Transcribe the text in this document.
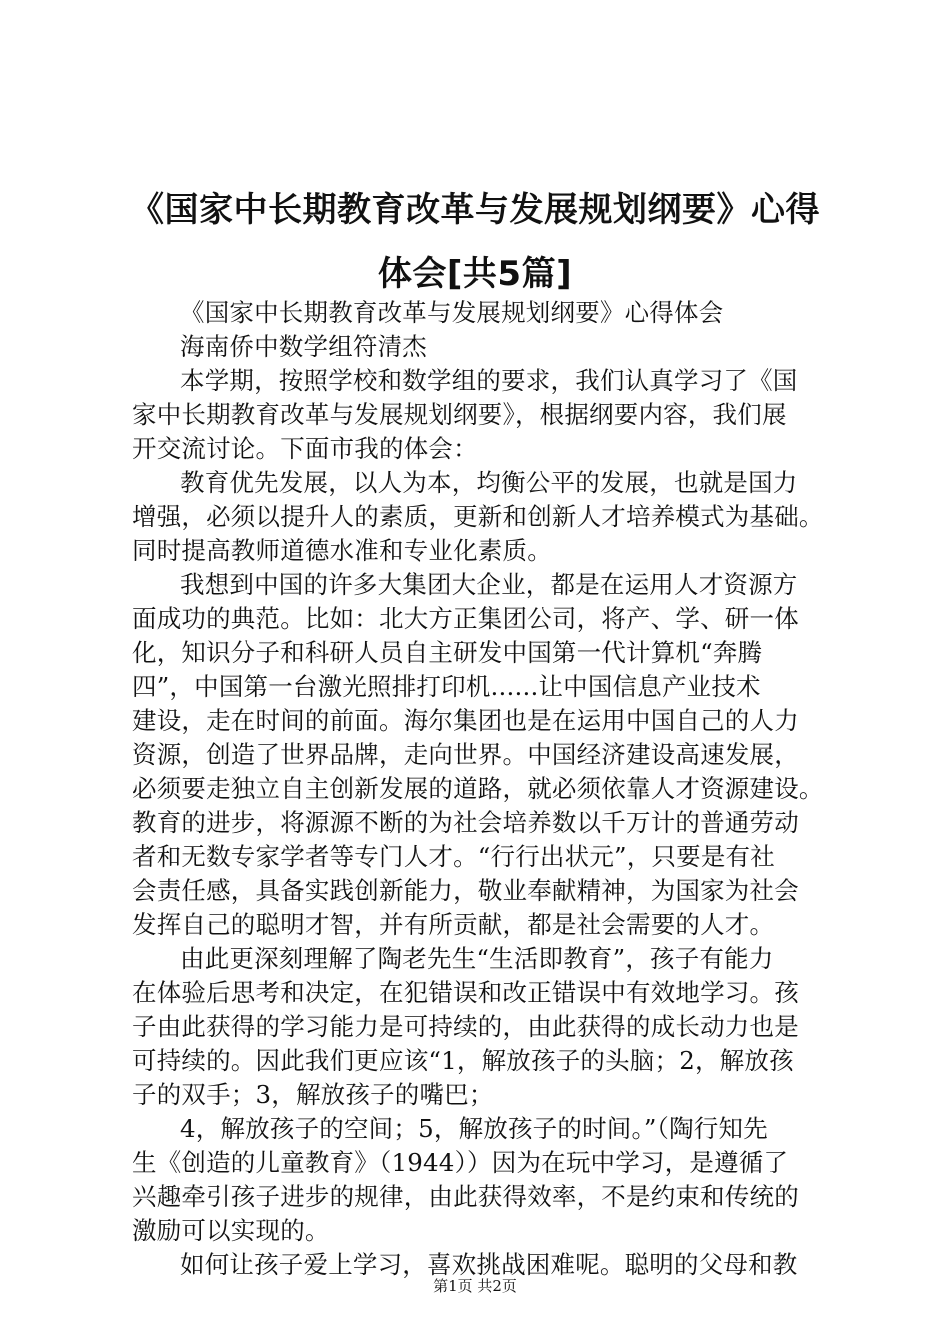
《国家中长期教育改革与发展规划纲要》心得
体会[共5篇]
《国家中长期教育改革与发展规划纲要》心得体会
海南侨中数学组符清杰
本学期，按照学校和数学组的要求，我们认真学习了《国
家中长期教育改革与发展规划纲要》，根据纲要内容，我们展
开交流讨论。下面市我的体会：
教育优先发展，以人为本，均衡公平的发展，也就是国力
增强，必须以提升人的素质，更新和创新人才培养模式为基础。
同时提高教师道德水准和专业化素质。
我想到中国的许多大集团大企业，都是在运用人才资源方
面成功的典范。比如：北大方正集团公司，将产、学、研一体
化，知识分子和科研人员自主研发中国第一代计算机“奔腾
四”，中国第一台激光照排打印机......让中国信息产业技术
建设，走在时间的前面。海尔集团也是在运用中国自己的人力
资源，创造了世界品牌，走向世界。中国经济建设高速发展，
必须要走独立自主创新发展的道路，就必须依靠人才资源建设。
教育的进步，将源源不断的为社会培养数以千万计的普通劳动
者和无数专家学者等专门人才。“行行出状元”，只要是有社
会责任感，具备实践创新能力，敬业奉献精神，为国家为社会
发挥自己的聪明才智，并有所贡献，都是社会需要的人才。
由此更深刻理解了陶老先生“生活即教育”，孩子有能力
在体验后思考和决定，在犯错误和改正错误中有效地学习。孩
子由此获得的学习能力是可持续的，由此获得的成长动力也是
可持续的。因此我们更应该“1，解放孩子的头脑；2，解放孩
子的双手；3，解放孩子的嘴巴；
4，解放孩子的空间；5，解放孩子的时间。”（陶行知先
生《创造的儿童教育》（1944））因为在玩中学习，是遵循了
兴趣牵引孩子进步的规律，由此获得效率，不是约束和传统的
激励可以实现的。
如何让孩子爱上学习，喜欢挑战困难呢。聪明的父母和教
第1页 共2页
